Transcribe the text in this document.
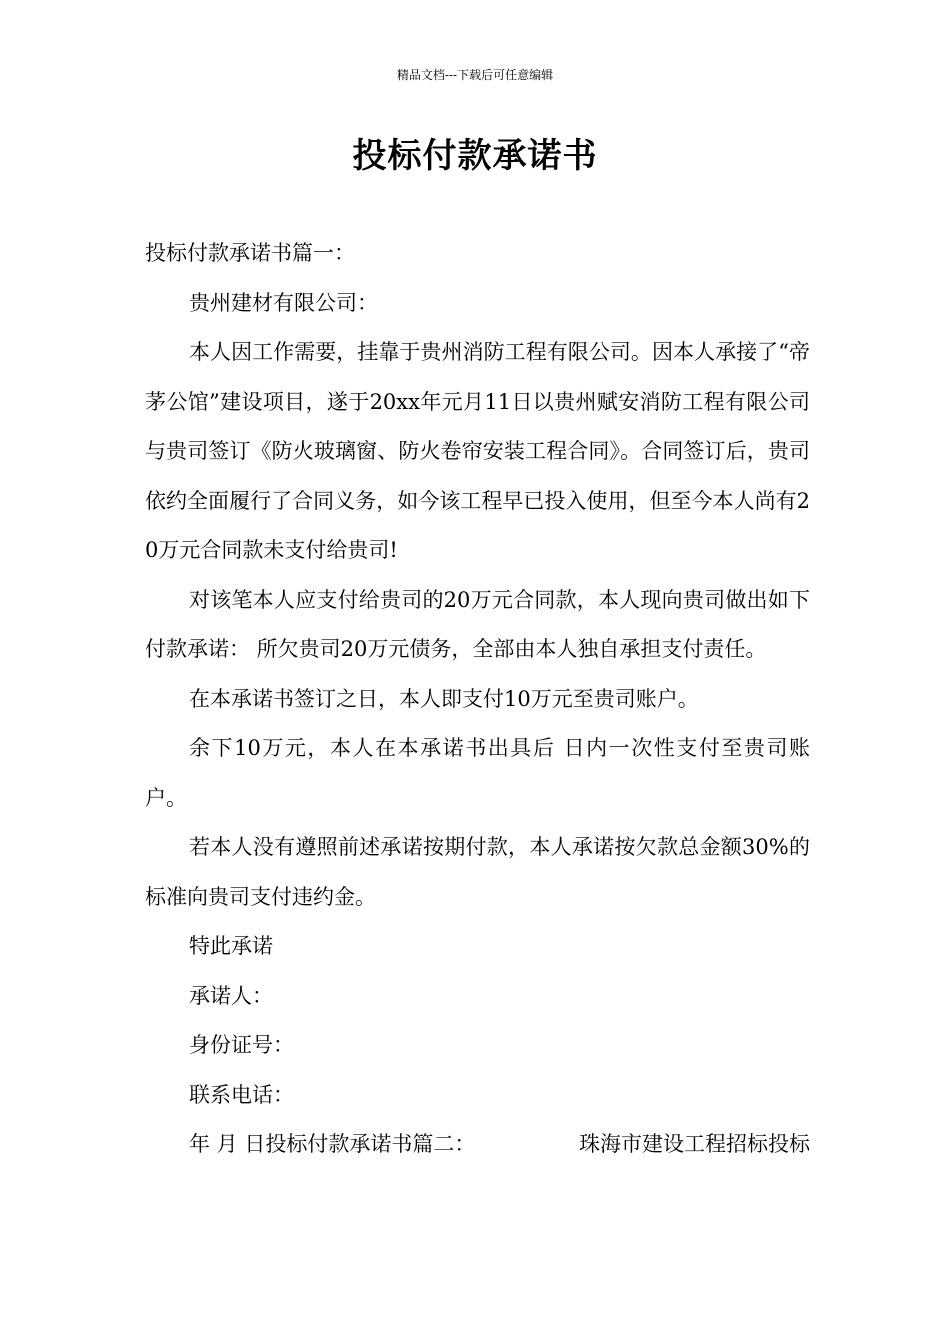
精品文档---下载后可任意编辑
投标付款承诺书

投标付款承诺书篇一：

贵州建材有限公司：

本人因工作需要，挂靠于贵州消防工程有限公司。因本人承接了“帝茅公馆”建设项目，遂于20xx年元月11日以贵州赋安消防工程有限公司与贵司签订《防火玻璃窗、防火卷帘安装工程合同》。合同签订后，贵司依约全面履行了合同义务，如今该工程早已投入使用，但至今本人尚有20万元合同款未支付给贵司!

对该笔本人应支付给贵司的20万元合同款，本人现向贵司做出如下付款承诺： 所欠贵司20万元债务，全部由本人独自承担支付责任。

在本承诺书签订之日，本人即支付10万元至贵司账户。

余下10万元，本人在本承诺书出具后 日内一次性支付至贵司账户。

若本人没有遵照前述承诺按期付款，本人承诺按欠款总金额30%的标准向贵司支付违约金。

特此承诺

承诺人：

身份证号：

联系电话：

年 月 日投标付款承诺书篇二：	珠海市建设工程招标投标
